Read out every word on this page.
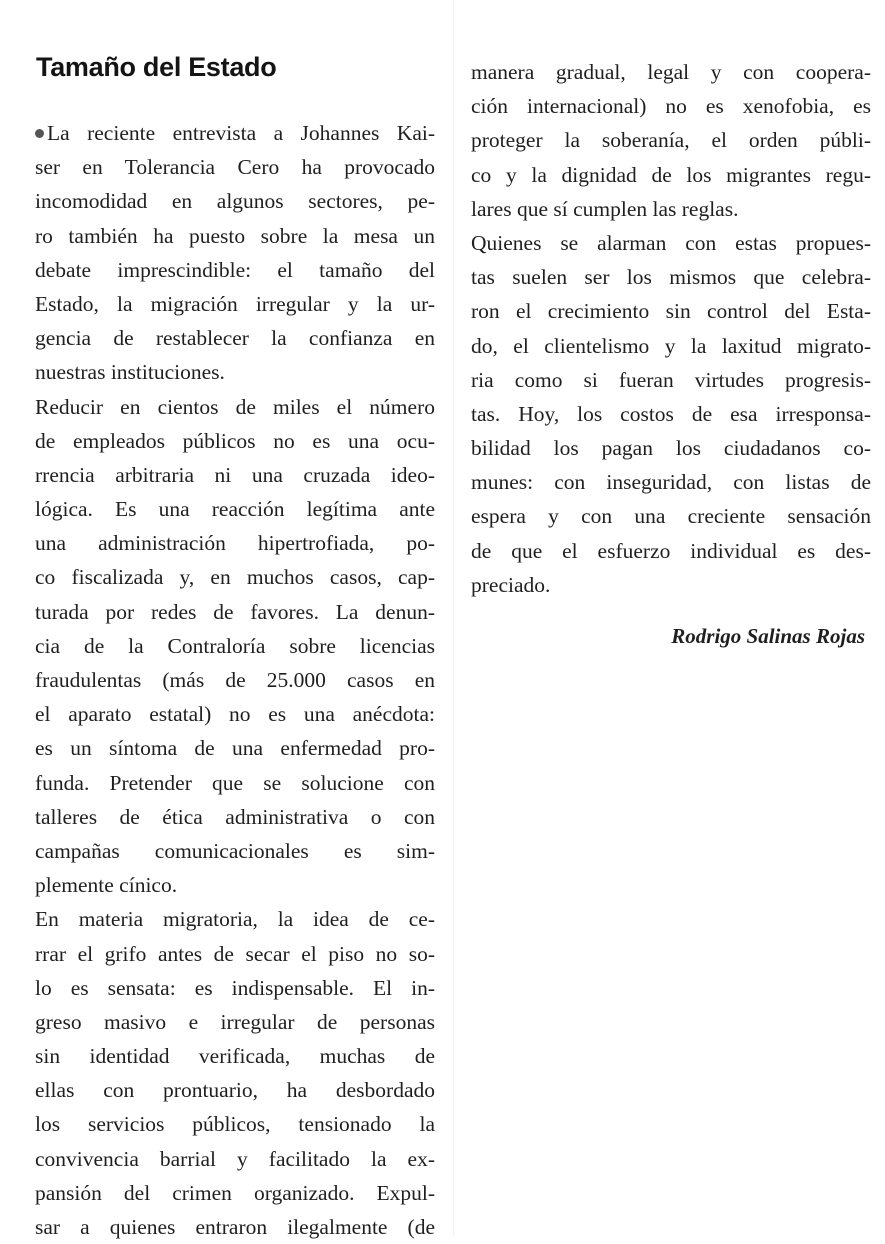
Tamaño del Estado
La reciente entrevista a Johannes Kai-
ser en Tolerancia Cero ha provocado
incomodidad en algunos sectores, pe-
ro también ha puesto sobre la mesa un
debate imprescindible: el tamaño del
Estado, la migración irregular y la ur-
gencia de restablecer la confianza en
nuestras instituciones.
Reducir en cientos de miles el número
de empleados públicos no es una ocu-
rrencia arbitraria ni una cruzada ideo-
lógica. Es una reacción legítima ante
una administración hipertrofiada, po-
co fiscalizada y, en muchos casos, cap-
turada por redes de favores. La denun-
cia de la Contraloría sobre licencias
fraudulentas (más de 25.000 casos en
el aparato estatal) no es una anécdota:
es un síntoma de una enfermedad pro-
funda. Pretender que se solucione con
talleres de ética administrativa o con
campañas comunicacionales es sim-
plemente cínico.
En materia migratoria, la idea de ce-
rrar el grifo antes de secar el piso no so-
lo es sensata: es indispensable. El in-
greso masivo e irregular de personas
sin identidad verificada, muchas de
ellas con prontuario, ha desbordado
los servicios públicos, tensionado la
convivencia barrial y facilitado la ex-
pansión del crimen organizado. Expul-
sar a quienes entraron ilegalmente (de
manera gradual, legal y con coopera-
ción internacional) no es xenofobia, es
proteger la soberanía, el orden públi-
co y la dignidad de los migrantes regu-
lares que sí cumplen las reglas.
Quienes se alarman con estas propues-
tas suelen ser los mismos que celebra-
ron el crecimiento sin control del Esta-
do, el clientelismo y la laxitud migrato-
ria como si fueran virtudes progresis-
tas. Hoy, los costos de esa irresponsa-
bilidad los pagan los ciudadanos co-
munes: con inseguridad, con listas de
espera y con una creciente sensación
de que el esfuerzo individual es des-
preciado.
Rodrigo Salinas Rojas
